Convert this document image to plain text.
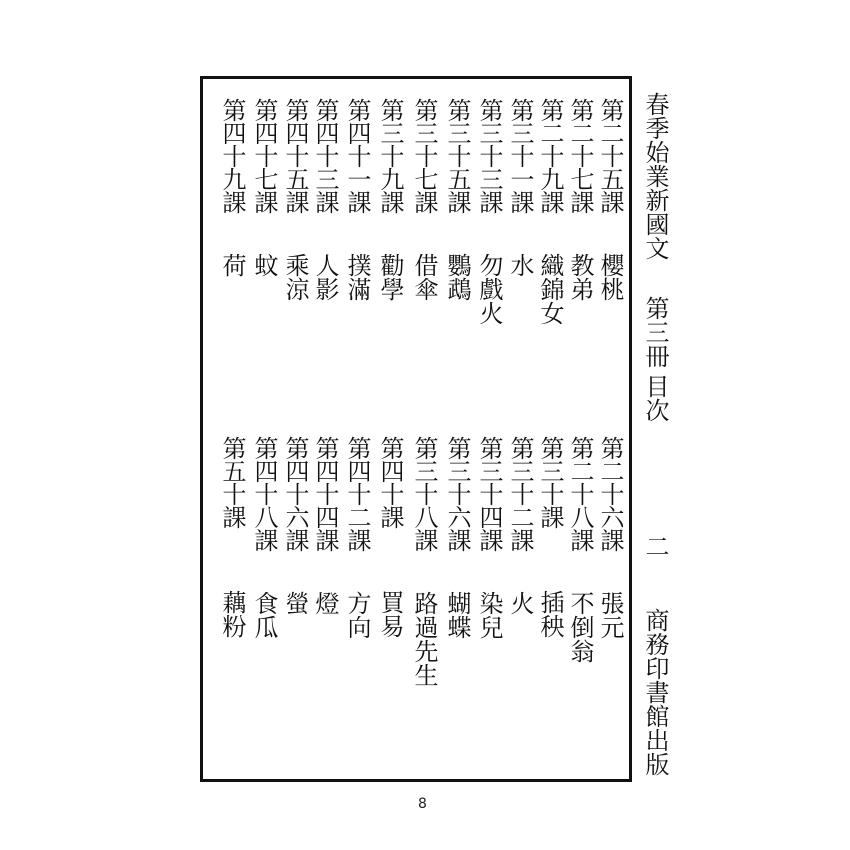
春季始業新國文
第三冊
目次
二
商務印書館出版
第二十五課 櫻桃
第二十七課 教弟
第二十九課 織錦女
第三十一課 水
第三十三課 勿戲火
第三十五課 鸚鵡
第三十七課 借傘
第三十九課 勸學
第四十一課 撲滿
第四十三課 人影
第四十五課 乘涼
第四十七課 蚊
第四十九課 荷
第二十六課 張元
第二十八課 不倒翁
第三十課 插秧
第三十二課 火
第三十四課 染兒
第三十六課 蝴蝶
第三十八課 路過先生
第四十課 買易
第四十二課 方向
第四十四課 燈
第四十六課 螢
第四十八課 食瓜
第五十課 藕粉
8
